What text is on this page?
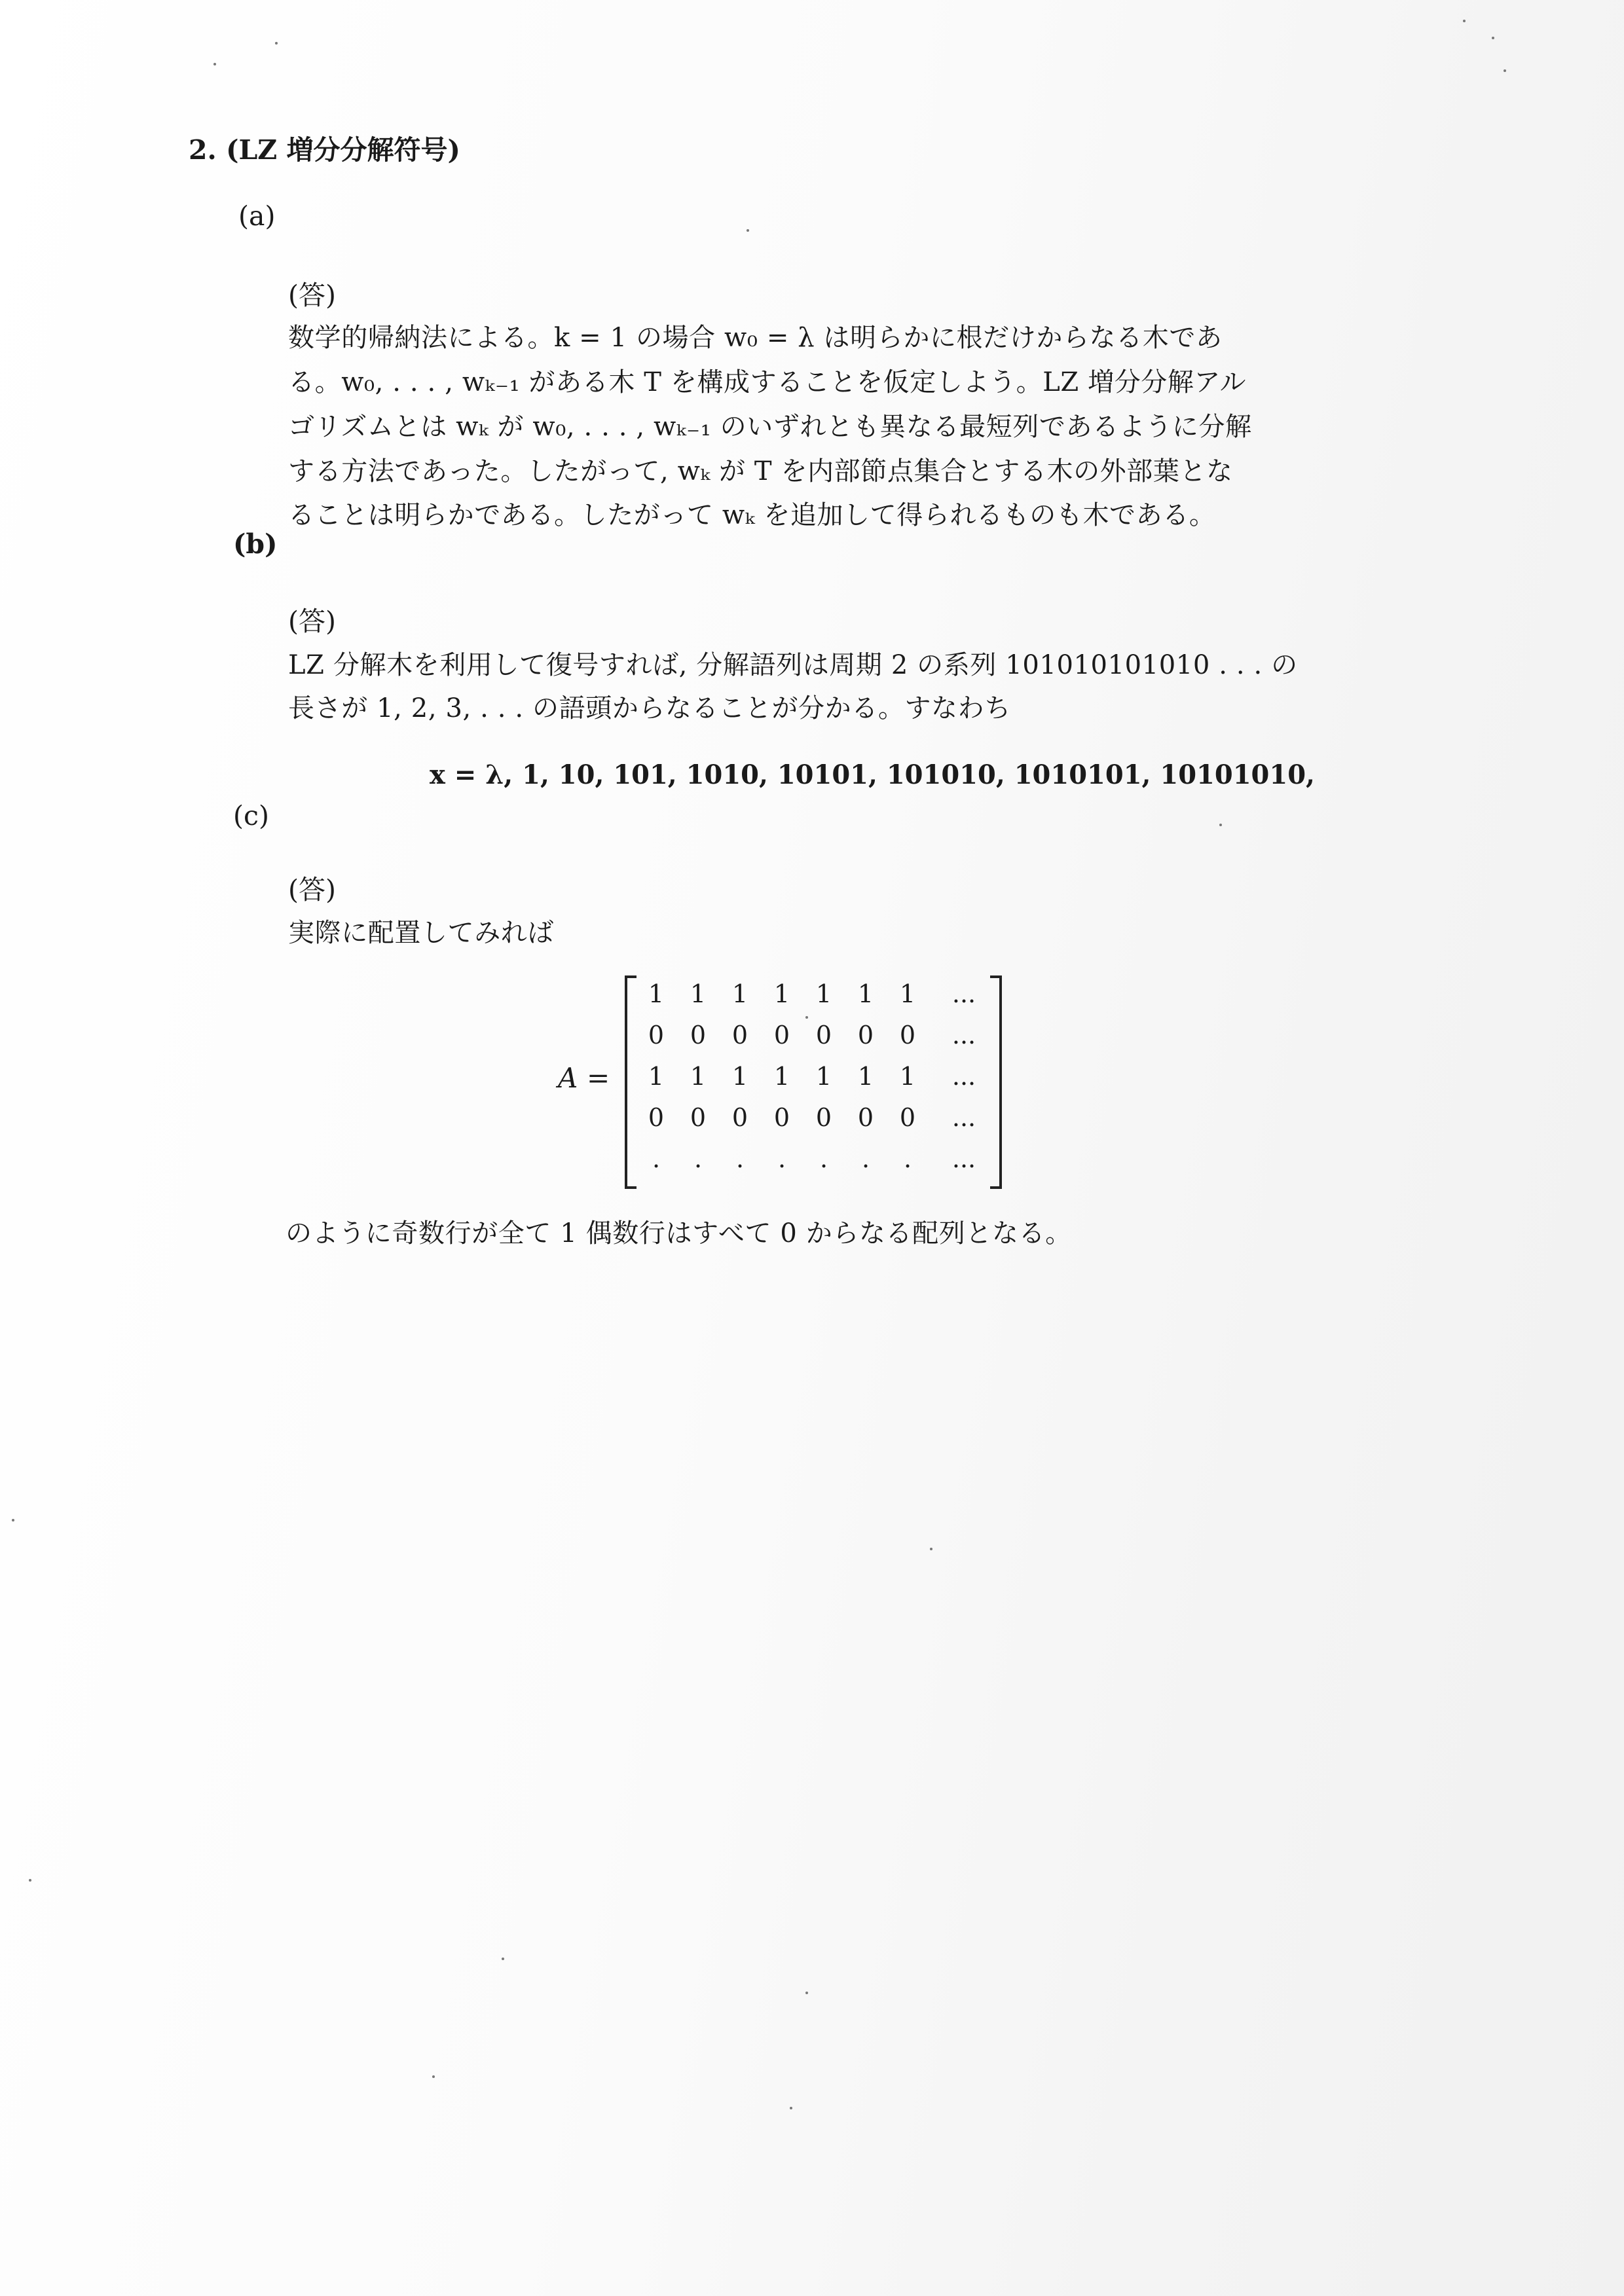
2. (LZ 増分分解符号)
(a)
(答)
数学的帰納法による。k = 1 の場合 w₀ = λ は明らかに根だけからなる木であ
る。w₀, . . . , wₖ₋₁ がある木 T を構成することを仮定しよう。LZ 増分分解アル
ゴリズムとは wₖ が w₀, . . . , wₖ₋₁ のいずれとも異なる最短列であるように分解
する方法であった。したがって, wₖ が T を内部節点集合とする木の外部葉とな
ることは明らかである。したがって wₖ を追加して得られるものも木である。
(b)
(答)
LZ 分解木を利用して復号すれば, 分解語列は周期 2 の系列 101010101010 . . . の
長さが 1, 2, 3, . . . の語頭からなることが分かる。すなわち
x = λ, 1, 10, 101, 1010, 10101, 101010, 1010101, 10101010,
(c)
(答)
実際に配置してみれば
A =
1 1 1 1 1 1 1	...
0 0 0 0 0 0 0	...
1 1 1 1 1 1 1	...
0 0 0 0 0 0 0	...
.	.	.	.	.	.	.	...
のように奇数行が全て 1 偶数行はすべて 0 からなる配列となる。
